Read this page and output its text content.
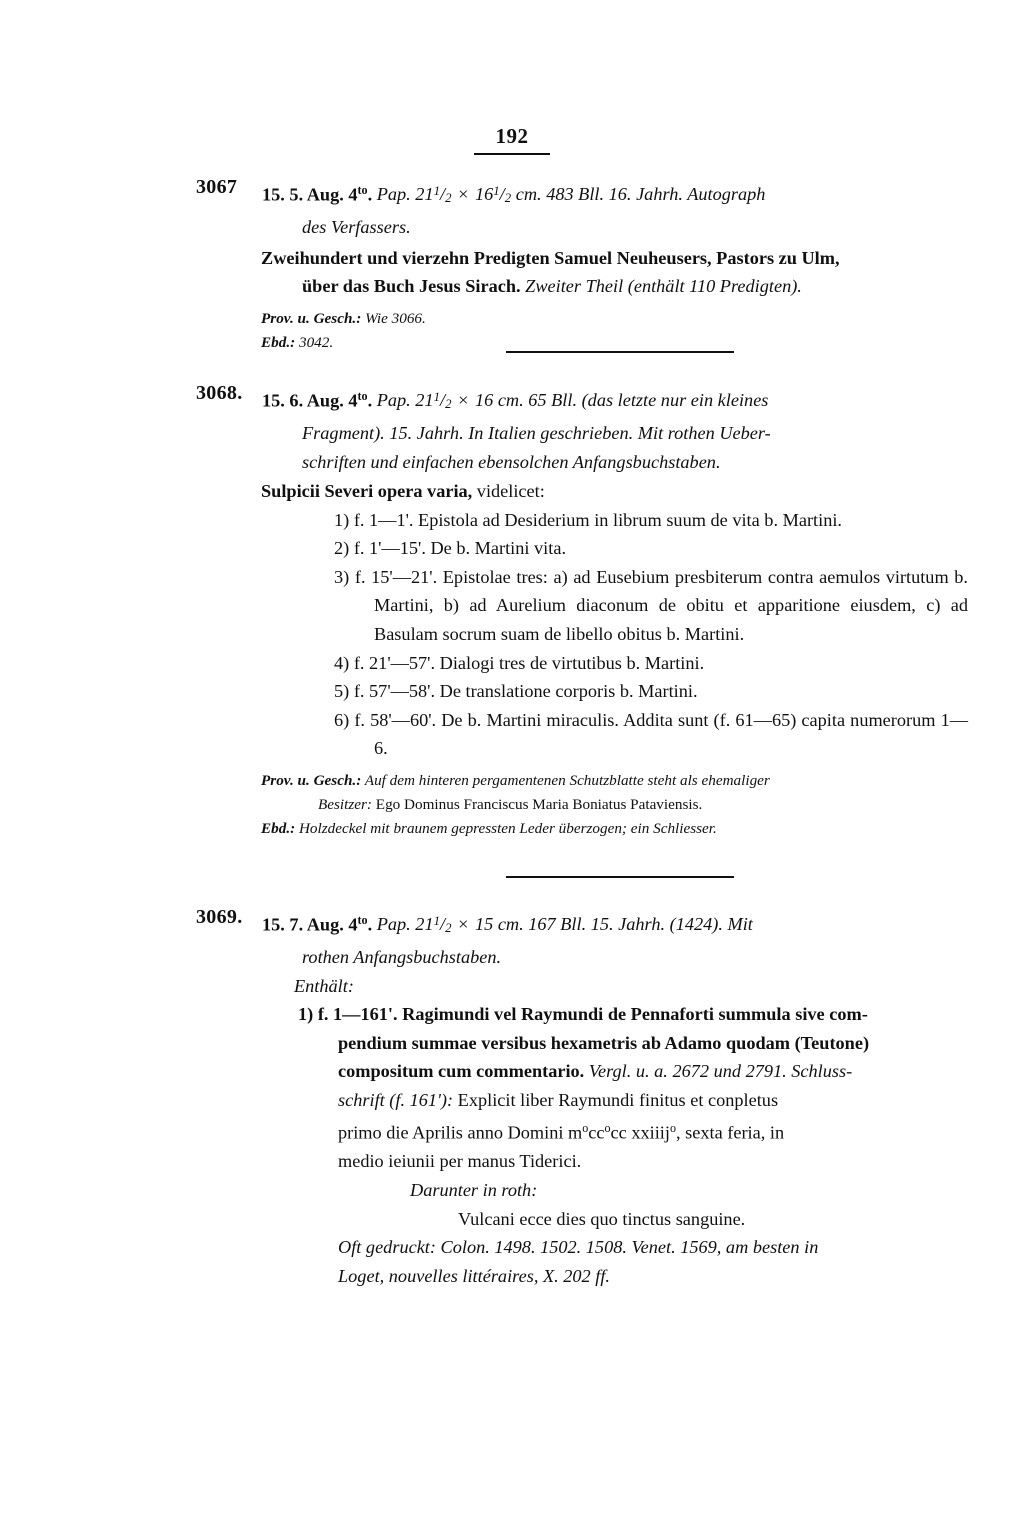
192
3067 15. 5. Aug. $4^{to}$. Pap. $21^1/2 \times 16^1/2$ cm. 483 Bll. 16. Jahrh. Autograph
des Verfassers.
Zweihundert und vierzehn Predigten Samuel Neuheusers, Pastors zu Ulm,
über das Buch Jesus Sirach. Zweiter Theil (enthält 110 Predigten).
Prov. u. Gesch.: Wie 3066.
Ebd.: 3042.
3068. 15. 6. Aug. $4^{to}$. Pap. $21^1/2 \times 16$ cm. 65 Bll. (das letzte nur ein kleines
Fragment). 15. Jahrh. In Italien geschrieben. Mit rothen Ueber-
schriften und einfachen ebensolchen Anfangsbuchstaben.
Sulpicii Severi opera varia, videlicet:
1) f. 1—1'. Epistola ad Desiderium in librum suum de vita b. Martini.
2) f. 1'—15'. De b. Martini vita.
3) f. 15'—21'. Epistolae tres: a) ad Eusebium presbiterum contra aemulos virtutum b. Martini, b) ad Aurelium diaconum de obitu et apparitione eiusdem, c) ad Basulam socrum suam de libello obitus b. Martini.
4) f. 21'—57'. Dialogi tres de virtutibus b. Martini.
5) f. 57'—58'. De translatione corporis b. Martini.
6) f. 58'—60'. De b. Martini miraculis. Addita sunt (f. 61—65) capita numerorum 1—6.
Prov. u. Gesch.: Auf dem hinteren pergamentenen Schutzblatte steht als ehemaliger
Besitzer: Ego Dominus Franciscus Maria Boniatus Pataviensis.
Ebd.: Holzdeckel mit braunem gepressten Leder überzogen; ein Schliesser.
3069. 15. 7. Aug. $4^{to}$. Pap. $21^1/2 \times 15$ cm. 167 Bll. 15. Jahrh. (1424). Mit
rothen Anfangsbuchstaben.
Enthält:
1) f. 1—161'. Ragimundi vel Raymundi de Pennaforti summula sive com-
pendium summae versibus hexametris ab Adamo quodam (Teutone)
compositum cum commentario. Vergl. u. a. 2672 und 2791. Schluss-
schrift (f. 161'): Explicit liber Raymundi finitus et conpletus
primo die Aprilis anno Domini $m^occ^occ$ xxiiij$^o$, sexta feria, in
medio ieiunii per manus Tiderici.
Darunter in roth:
Vulcani ecce dies quo tinctus sanguine.
Oft gedruckt: Colon. 1498. 1502. 1508. Venet. 1569, am besten in
Loget, nouvelles littéraires, X. 202 ff.
